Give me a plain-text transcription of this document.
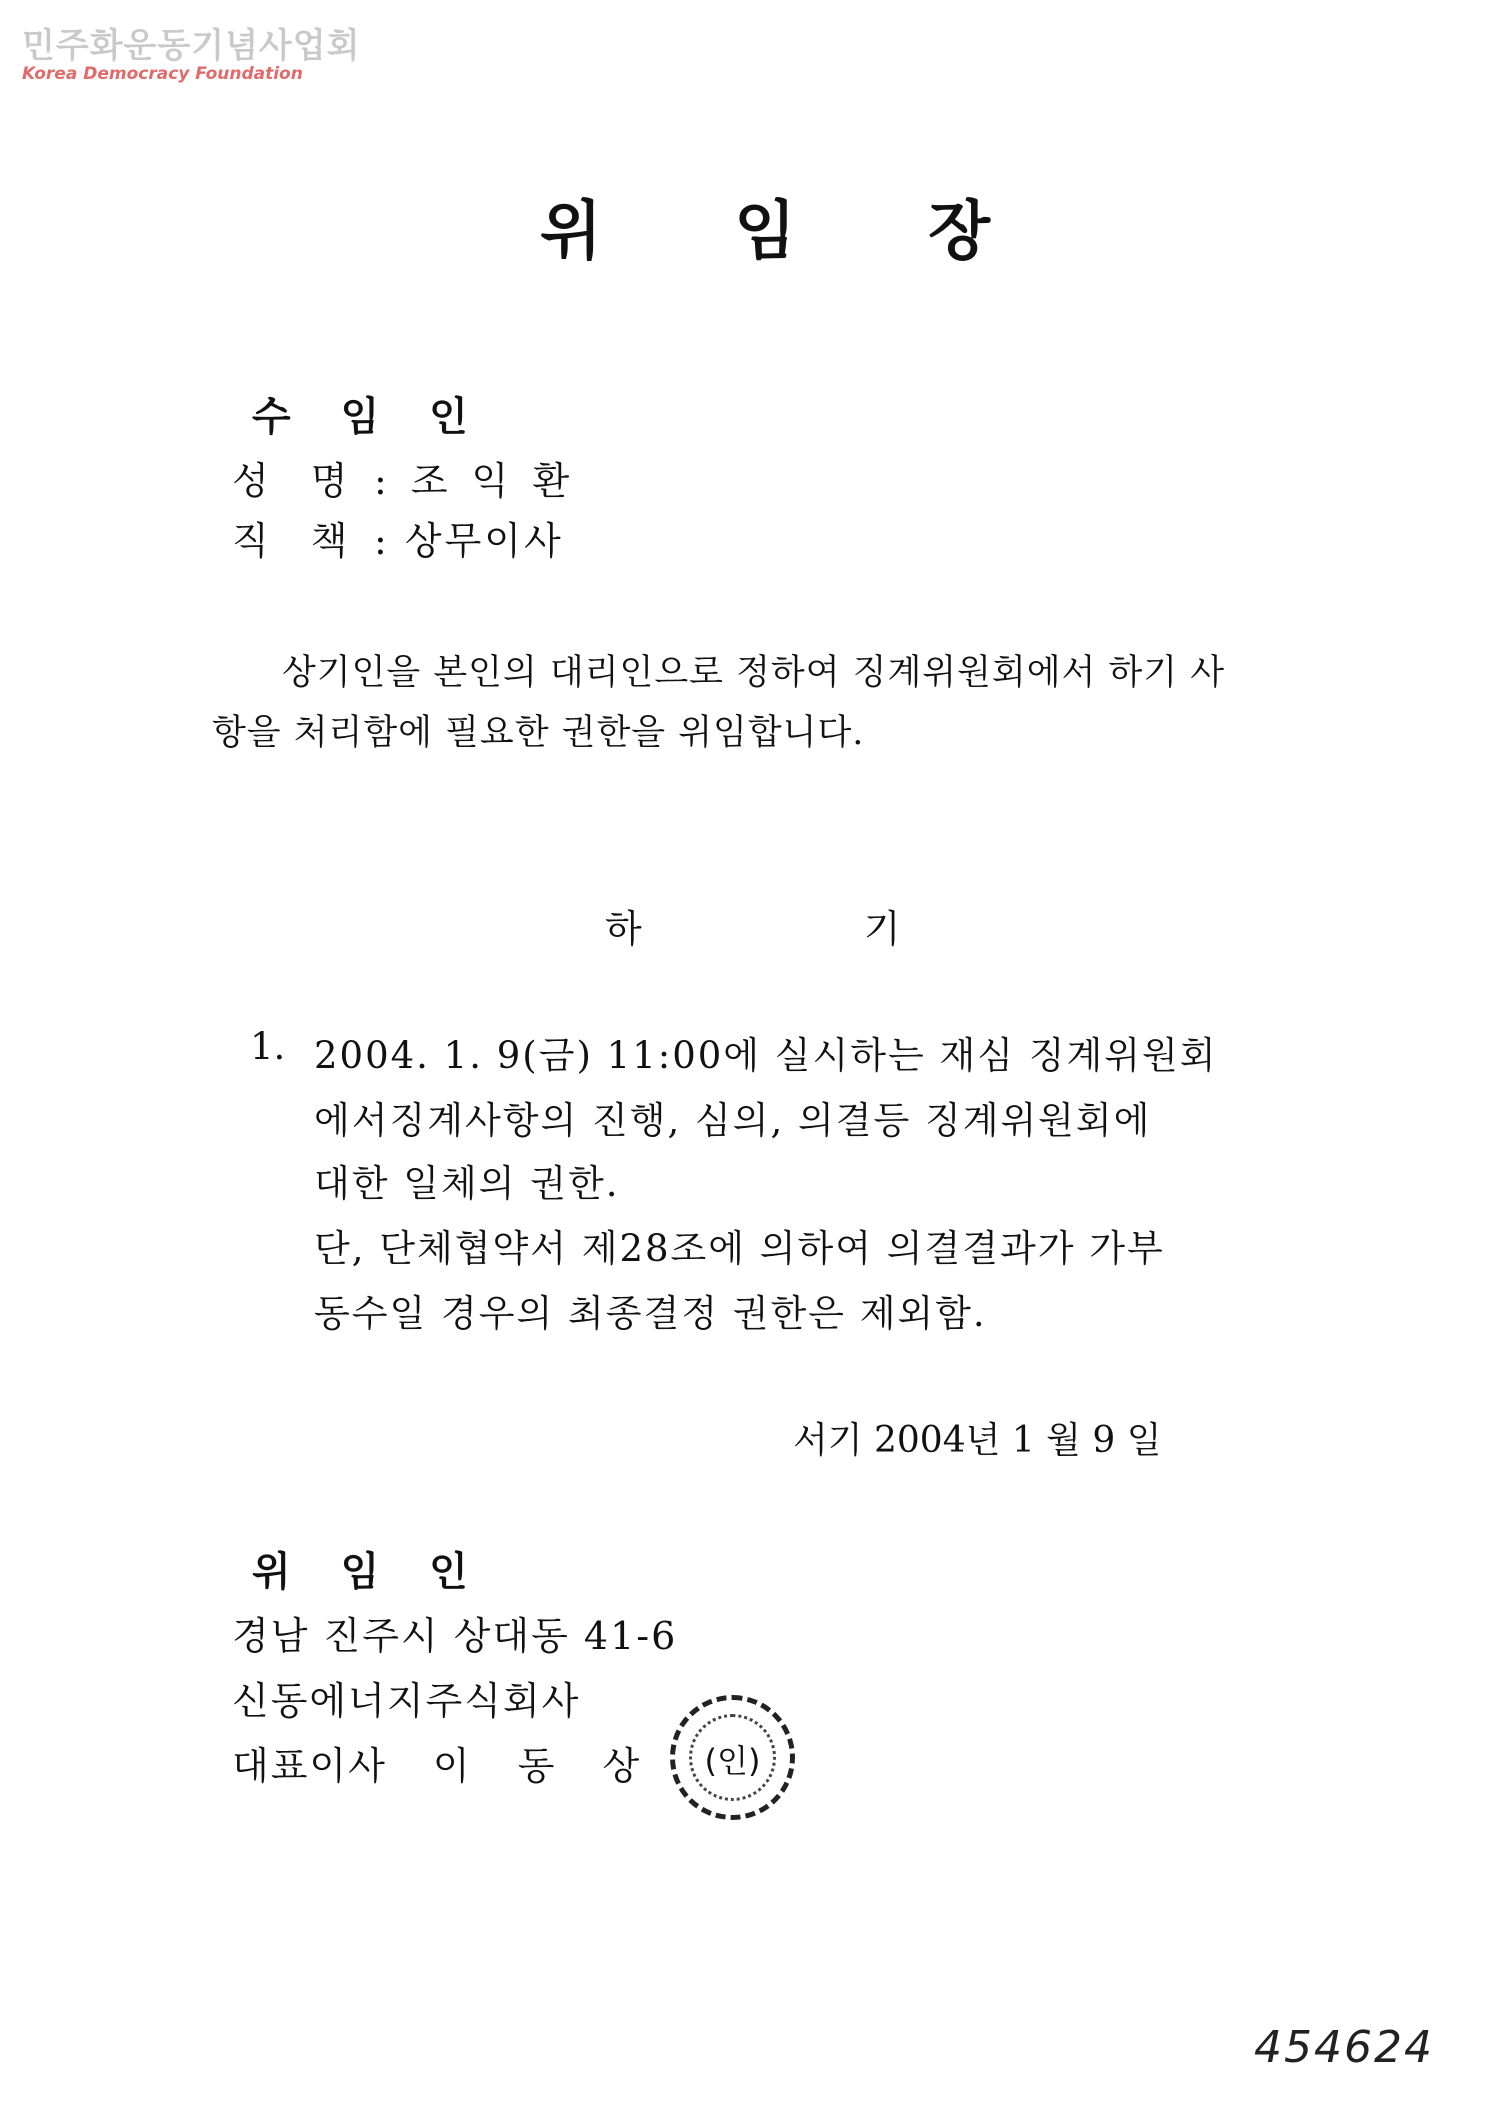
민주화운동기념사업회
Korea Democracy Foundation
위 임 장
수 임 인
성 명 : 조 익 환
직 책 : 상무이사
상기인을 본인의 대리인으로 정하여 징계위원회에서 하기 사
항을 처리함에 필요한 권한을 위임합니다.
하 기
1. 2004. 1. 9(금) 11:00에 실시하는 재심 징계위원회
에서징계사항의 진행, 심의, 의결등 징계위원회에
대한 일체의 권한.
단, 단체협약서 제28조에 의하여 의결결과가 가부
동수일 경우의 최종결정 권한은 제외함.
서기 2004년 1 월 9 일
위 임 인
경남 진주시 상대동 41-6
신동에너지주식회사
대표이사 이 동 상	(인)
454624
